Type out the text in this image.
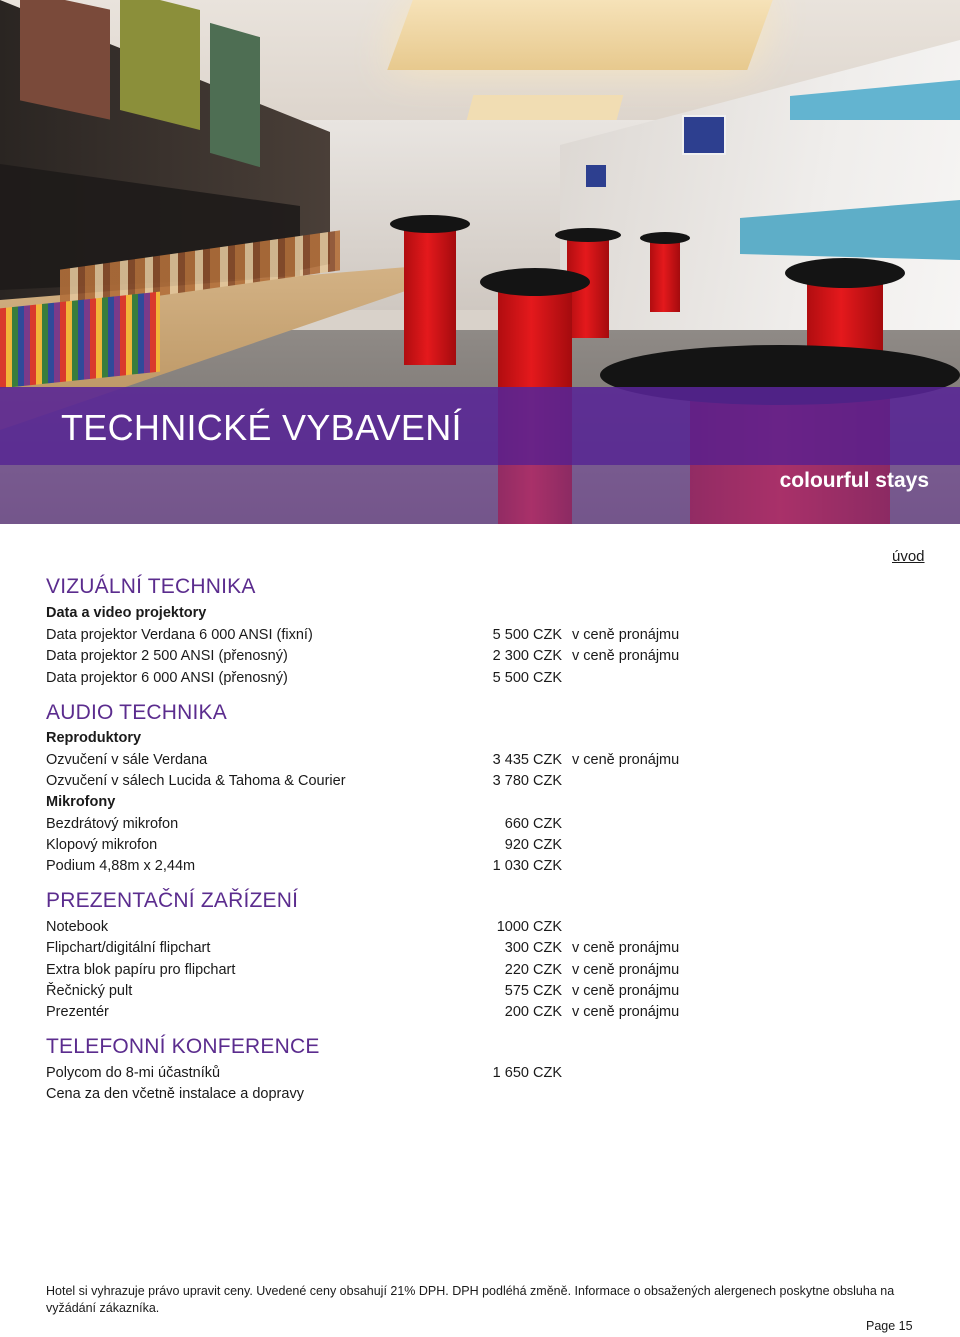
TECHNICKÉ VYBAVENÍ
colourful stays
úvod
VIZUÁLNÍ TECHNIKA
Data a video projektory
Data projektor Verdana 6 000 ANSI (fixní)	5 500 CZK v ceně pronájmu
Data projektor 2 500 ANSI (přenosný)	2 300 CZK v ceně pronájmu
Data projektor 6 000 ANSI (přenosný)	5 500 CZK
AUDIO TECHNIKA
Reproduktory
Ozvučení v sále Verdana	3 435 CZK v ceně pronájmu
Ozvučení v sálech Lucida & Tahoma & Courier	3 780 CZK
Mikrofony
Bezdrátový mikrofon	660 CZK
Klopový mikrofon	920 CZK
Podium 4,88m x 2,44m	1 030 CZK
PREZENTAČNÍ ZAŘÍZENÍ
Notebook	1000 CZK
Flipchart/digitální flipchart	300 CZK v ceně pronájmu
Extra blok papíru pro flipchart	220 CZK v ceně pronájmu
Řečnický pult	575 CZK v ceně pronájmu
Prezentér	200 CZK v ceně pronájmu
TELEFONNÍ KONFERENCE
Polycom do 8-mi účastníků	1 650 CZK
Cena za den včetně instalace a dopravy
Hotel si vyhrazuje právo upravit ceny. Uvedené ceny obsahují 21% DPH. DPH podléhá změně. Informace o obsažených alergenech poskytne obsluha na vyžádání zákazníka.
Page 15
